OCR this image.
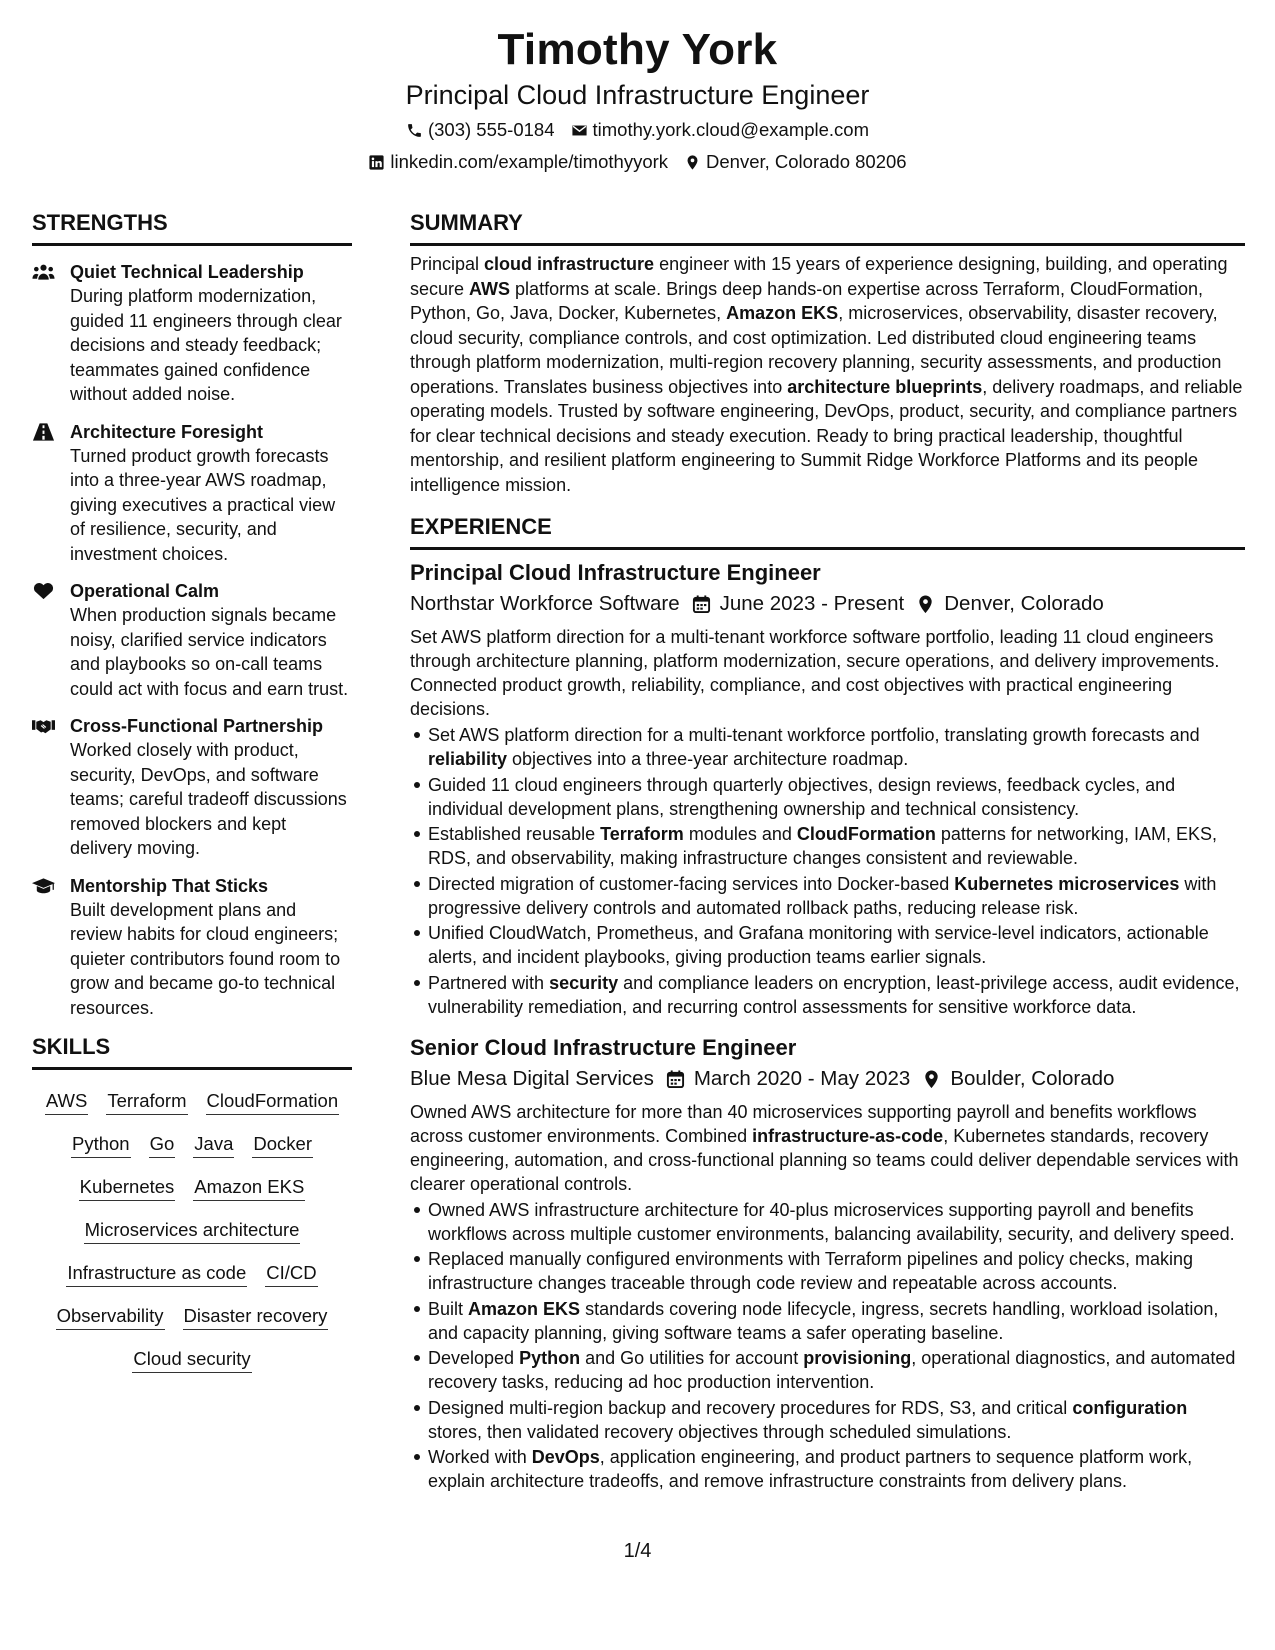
Timothy York
Principal Cloud Infrastructure Engineer
(303) 555-0184 timothy.york.cloud@example.com
linkedin.com/example/timothyyork Denver, Colorado 80206
STRENGTHS
Quiet Technical Leadership
During platform modernization, guided 11 engineers through clear decisions and steady feedback; teammates gained confidence without added noise.
Architecture Foresight
Turned product growth forecasts into a three-year AWS roadmap, giving executives a practical view of resilience, security, and investment choices.
Operational Calm
When production signals became noisy, clarified service indicators and playbooks so on-call teams could act with focus and earn trust.
Cross-Functional Partnership
Worked closely with product, security, DevOps, and software teams; careful tradeoff discussions removed blockers and kept delivery moving.
Mentorship That Sticks
Built development plans and review habits for cloud engineers; quieter contributors found room to grow and became go-to technical resources.
SKILLS
AWS Terraform CloudFormation
Python Go Java Docker
Kubernetes Amazon EKS
Microservices architecture
Infrastructure as code CI/CD
Observability Disaster recovery
Cloud security
SUMMARY
Principal cloud infrastructure engineer with 15 years of experience designing, building, and operating secure AWS platforms at scale. Brings deep hands-on expertise across Terraform, CloudFormation, Python, Go, Java, Docker, Kubernetes, Amazon EKS, microservices, observability, disaster recovery, cloud security, compliance controls, and cost optimization. Led distributed cloud engineering teams through platform modernization, multi-region recovery planning, security assessments, and production operations. Translates business objectives into architecture blueprints, delivery roadmaps, and reliable operating models. Trusted by software engineering, DevOps, product, security, and compliance partners for clear technical decisions and steady execution. Ready to bring practical leadership, thoughtful mentorship, and resilient platform engineering to Summit Ridge Workforce Platforms and its people intelligence mission.
EXPERIENCE
Principal Cloud Infrastructure Engineer
Northstar Workforce Software June 2023 - Present Denver, Colorado
Set AWS platform direction for a multi-tenant workforce software portfolio, leading 11 cloud engineers through architecture planning, platform modernization, secure operations, and delivery improvements. Connected product growth, reliability, compliance, and cost objectives with practical engineering decisions.
Set AWS platform direction for a multi-tenant workforce portfolio, translating growth forecasts and reliability objectives into a three-year architecture roadmap.
Guided 11 cloud engineers through quarterly objectives, design reviews, feedback cycles, and individual development plans, strengthening ownership and technical consistency.
Established reusable Terraform modules and CloudFormation patterns for networking, IAM, EKS, RDS, and observability, making infrastructure changes consistent and reviewable.
Directed migration of customer-facing services into Docker-based Kubernetes microservices with progressive delivery controls and automated rollback paths, reducing release risk.
Unified CloudWatch, Prometheus, and Grafana monitoring with service-level indicators, actionable alerts, and incident playbooks, giving production teams earlier signals.
Partnered with security and compliance leaders on encryption, least-privilege access, audit evidence, vulnerability remediation, and recurring control assessments for sensitive workforce data.
Senior Cloud Infrastructure Engineer
Blue Mesa Digital Services March 2020 - May 2023 Boulder, Colorado
Owned AWS architecture for more than 40 microservices supporting payroll and benefits workflows across customer environments. Combined infrastructure-as-code, Kubernetes standards, recovery engineering, automation, and cross-functional planning so teams could deliver dependable services with clearer operational controls.
Owned AWS infrastructure architecture for 40-plus microservices supporting payroll and benefits workflows across multiple customer environments, balancing availability, security, and delivery speed.
Replaced manually configured environments with Terraform pipelines and policy checks, making infrastructure changes traceable through code review and repeatable across accounts.
Built Amazon EKS standards covering node lifecycle, ingress, secrets handling, workload isolation, and capacity planning, giving software teams a safer operating baseline.
Developed Python and Go utilities for account provisioning, operational diagnostics, and automated recovery tasks, reducing ad hoc production intervention.
Designed multi-region backup and recovery procedures for RDS, S3, and critical configuration stores, then validated recovery objectives through scheduled simulations.
Worked with DevOps, application engineering, and product partners to sequence platform work, explain architecture tradeoffs, and remove infrastructure constraints from delivery plans.
1/4
